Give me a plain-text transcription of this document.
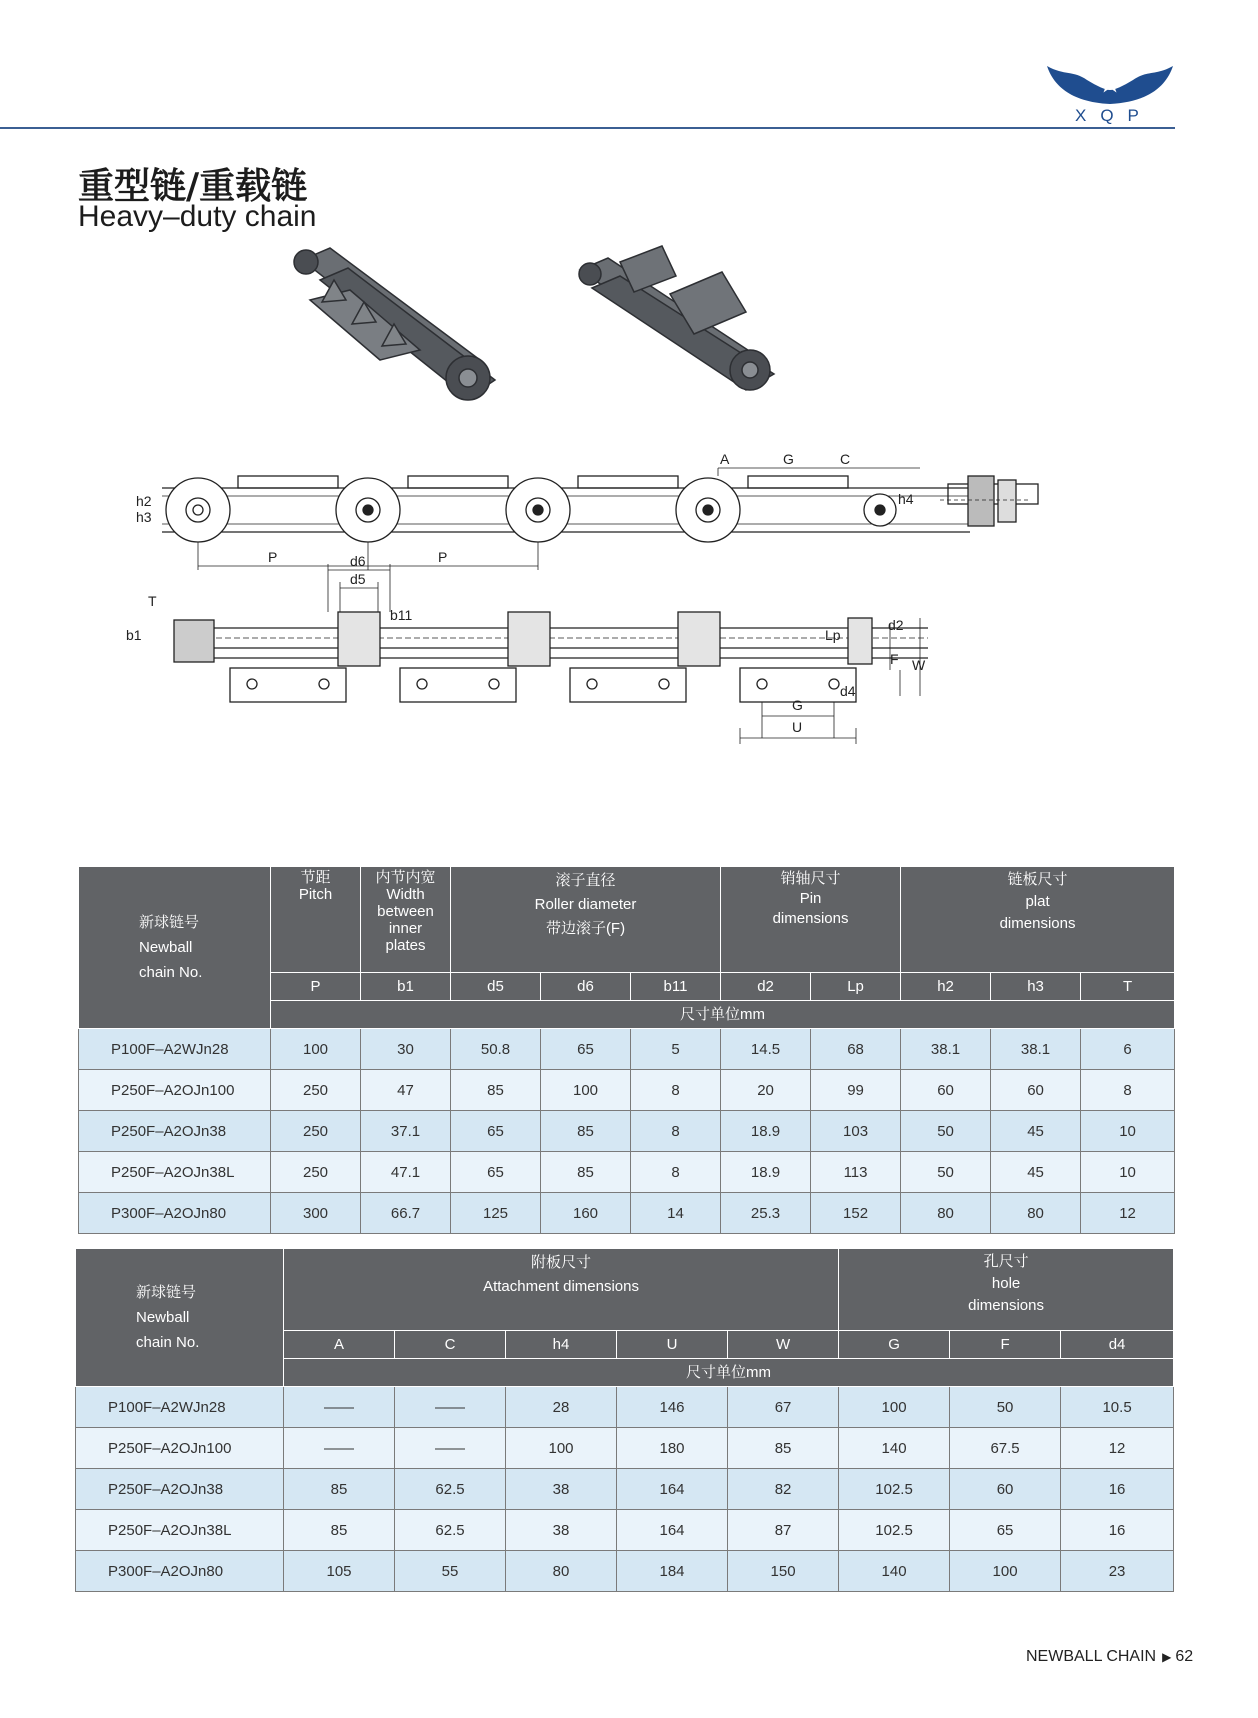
XQP
重型链/重载链
Heavy–duty chain
A	G	C
h2
h3
h4
P	P
d6
d5
T
b1
b11
d2
Lp
F W
d4
G
U
新球链号
Newball
chain No.	节距
Pitch	内节内宽
Width
between
inner
plates	滚子直径
Roller diameter
带边滚子(F)			销轴尺寸
Pin
dimensions		链板尺寸
plat
dimensions		

	P	b1	d5	d6	b11	d2	Lp	h2	h3	T
	尺寸单位mm									
P100F–A2WJn28	100	30	50.8	65	5	14.5	68	38.1	38.1	6
P250F–A2OJn100	250	47	85	100	8	20	99	60	60	8
P250F–A2OJn38	250	37.1	65	85	8	18.9	103	50	45	10
P250F–A2OJn38L	250	47.1	65	85	8	18.9	113	50	45	10
P300F–A2OJn80	300	66.7	125	160	14	25.3	152	80	80	12
新球链号
Newball
chain No.	附板尺寸
Attachment dimensions					孔尺寸
hole
dimensions		

	A	C	h4	U	W	G	F	d4
	尺寸单位mm							
P100F–A2WJn28	——	——	28	146	67	100	50	10.5
P250F–A2OJn100	——	——	100	180	85	140	67.5	12
P250F–A2OJn38	85	62.5	38	164	82	102.5	60	16
P250F–A2OJn38L	85	62.5	38	164	87	102.5	65	16
P300F–A2OJn80	105	55	80	184	150	140	100	23
NEWBALL CHAIN ▶ 62
